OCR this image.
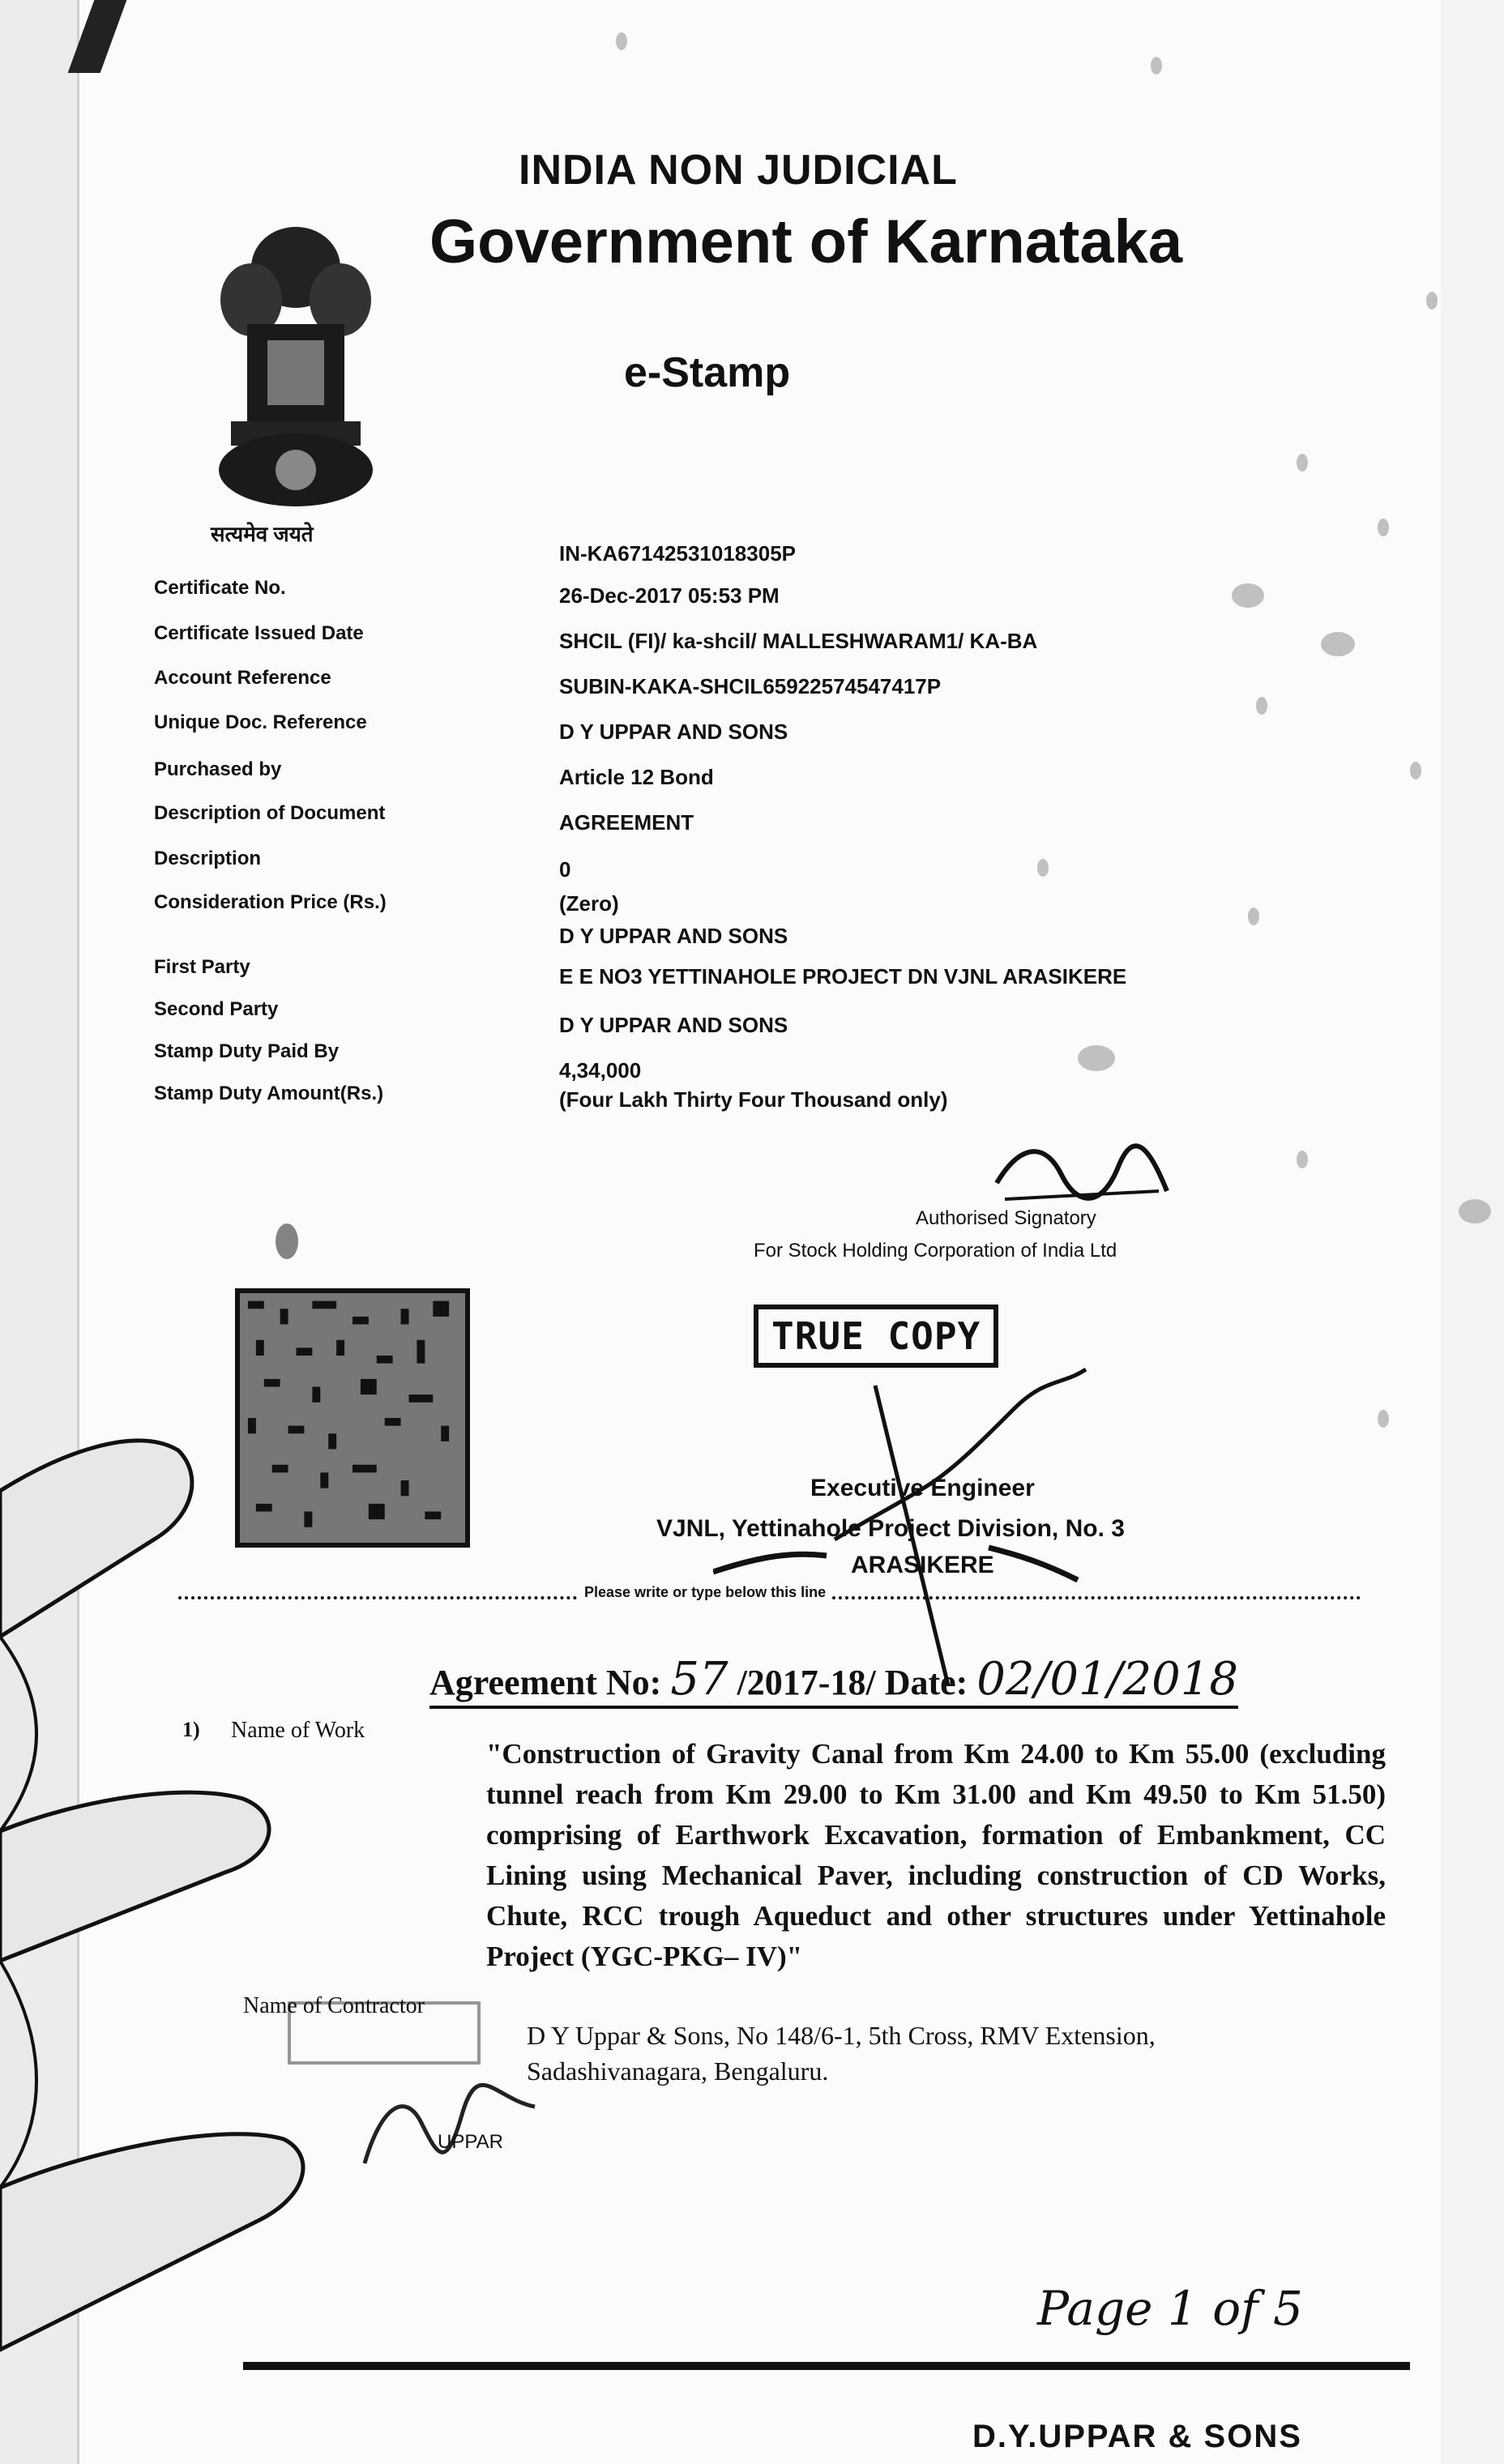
INDIA NON JUDICIAL
Government of Karnataka
e-Stamp
सत्यमेव जयते
Certificate No.
IN-KA67142531018305P
Certificate Issued Date
26-Dec-2017 05:53 PM
Account Reference
SHCIL (FI)/ ka-shcil/ MALLESHWARAM1/ KA-BA
Unique Doc. Reference
SUBIN-KAKA-SHCIL65922574547417P
Purchased by
D Y UPPAR AND SONS
Description of Document
Article 12 Bond
Description
AGREEMENT
Consideration Price (Rs.)
0
(Zero)
First Party
D Y UPPAR AND SONS
Second Party
E E NO3 YETTINAHOLE PROJECT DN VJNL ARASIKERE
Stamp Duty Paid By
D Y UPPAR AND SONS
Stamp Duty Amount(Rs.)
4,34,000
(Four Lakh Thirty Four Thousand only)
Authorised Signatory
For Stock Holding Corporation of India Ltd
TRUE COPY
Executive Engineer
VJNL, Yettinahole Project Division, No. 3
ARASIKERE
Please write or type below this line
Agreement No: 57 /2017-18/ Date: 02/01/2018
1) Name of Work
"Construction of Gravity Canal from Km 24.00 to Km 55.00 (excluding tunnel reach from Km 29.00 to Km 31.00 and Km 49.50 to Km 51.50) comprising of Earthwork Excavation, formation of Embankment, CC Lining using Mechanical Paver, including construction of CD Works, Chute, RCC trough Aqueduct and other structures under Yettinahole Project (YGC-PKG– IV)"
Name of Contractor
D Y Uppar & Sons, No 148/6-1, 5th Cross, RMV Extension, Sadashivanagara, Bengaluru.
UPPAR
Page 1 of 5
D.Y.UPPAR & SONS
